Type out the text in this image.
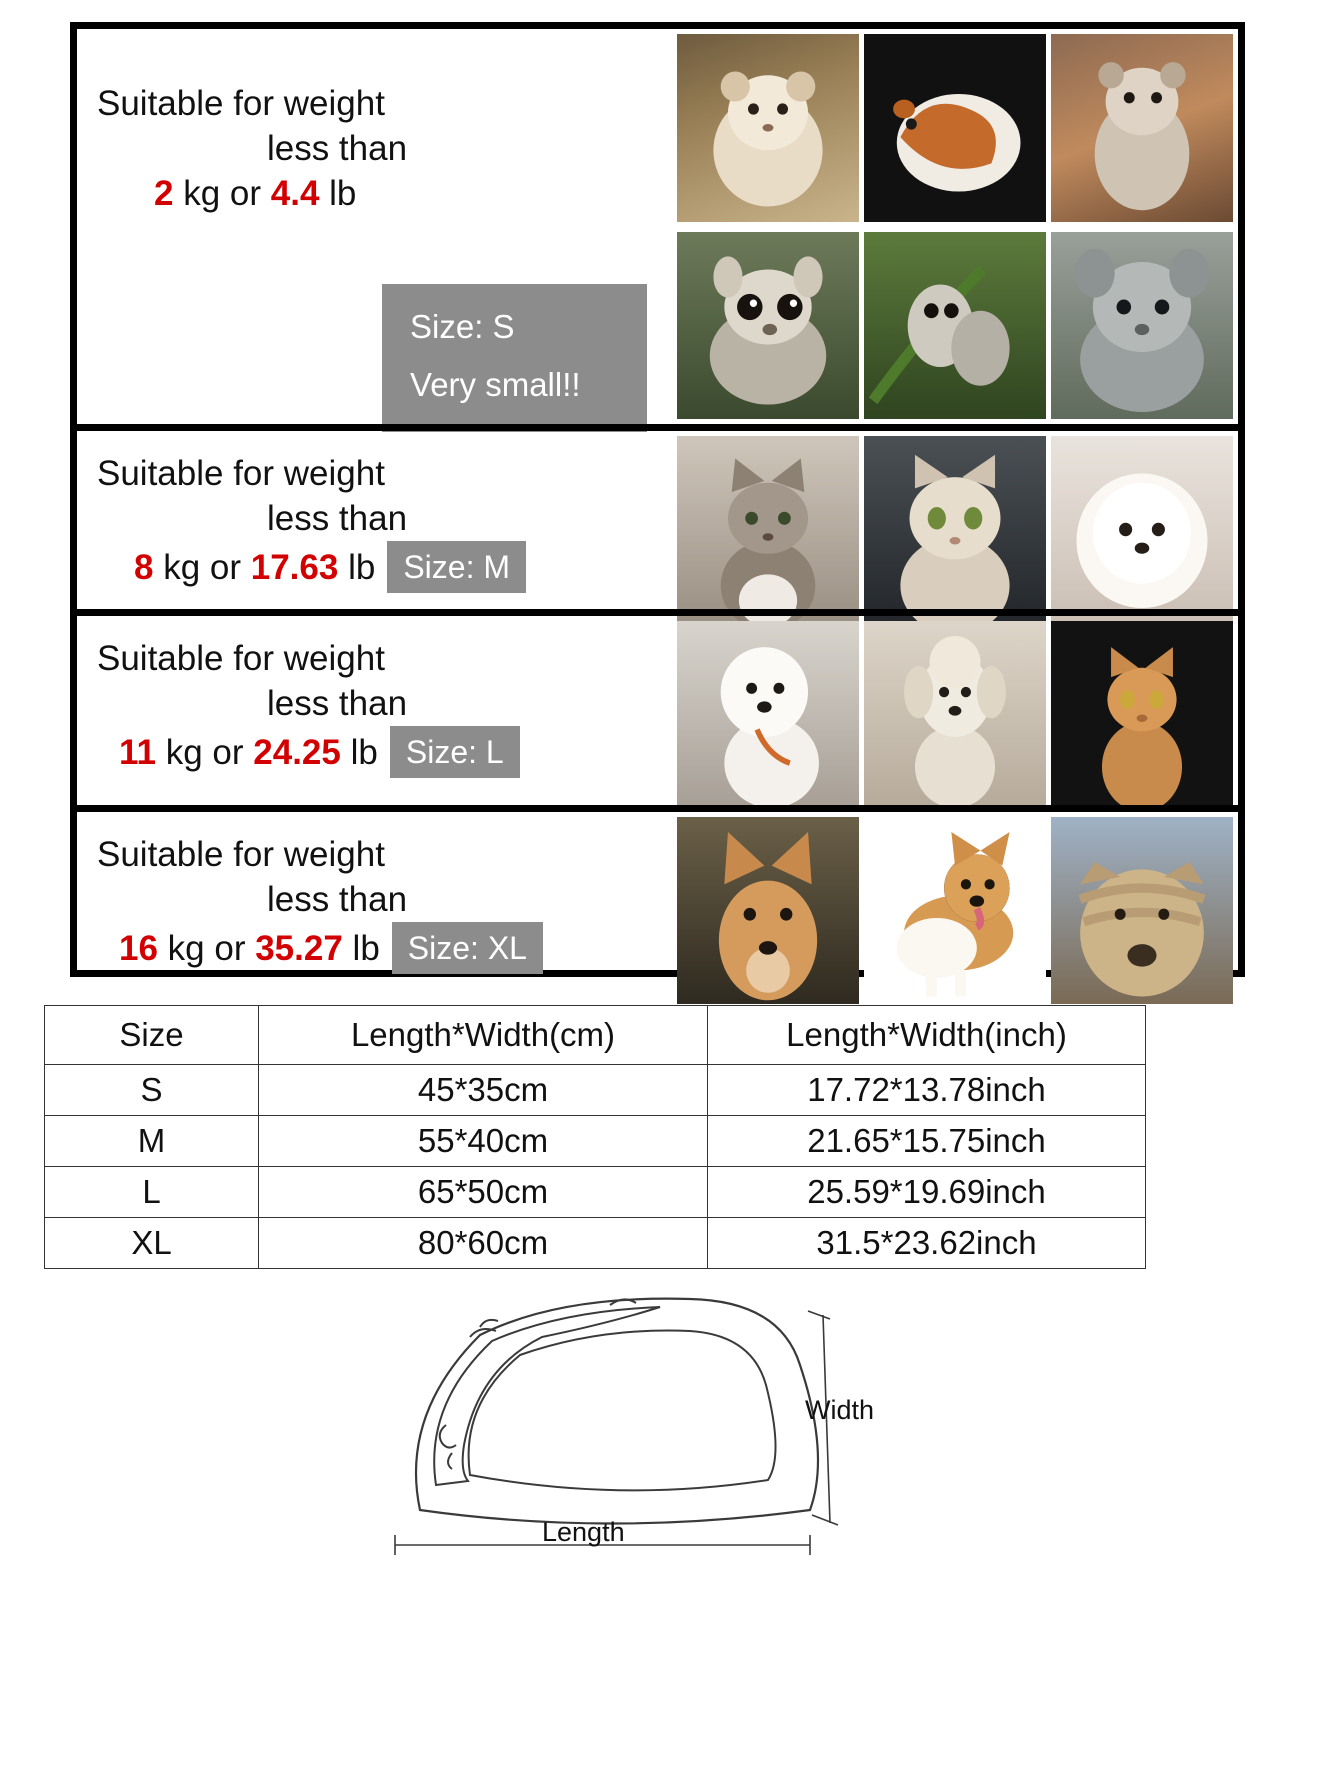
Suitable for weight
less than
2 kg or 4.4 lb
Size: S
Very small!!
Suitable for weight
less than
8 kg or 17.63 lb Size: M
Suitable for weight
less than
11 kg or 24.25 lb Size: L
Suitable for weight
less than
16 kg or 35.27 lb Size: XL
Size	Length*Width(cm)	Length*Width(inch)
S	45*35cm	17.72*13.78inch
M	55*40cm	21.65*15.75inch
L	65*50cm	25.59*19.69inch
XL	80*60cm	31.5*23.62inch
Width
Length
